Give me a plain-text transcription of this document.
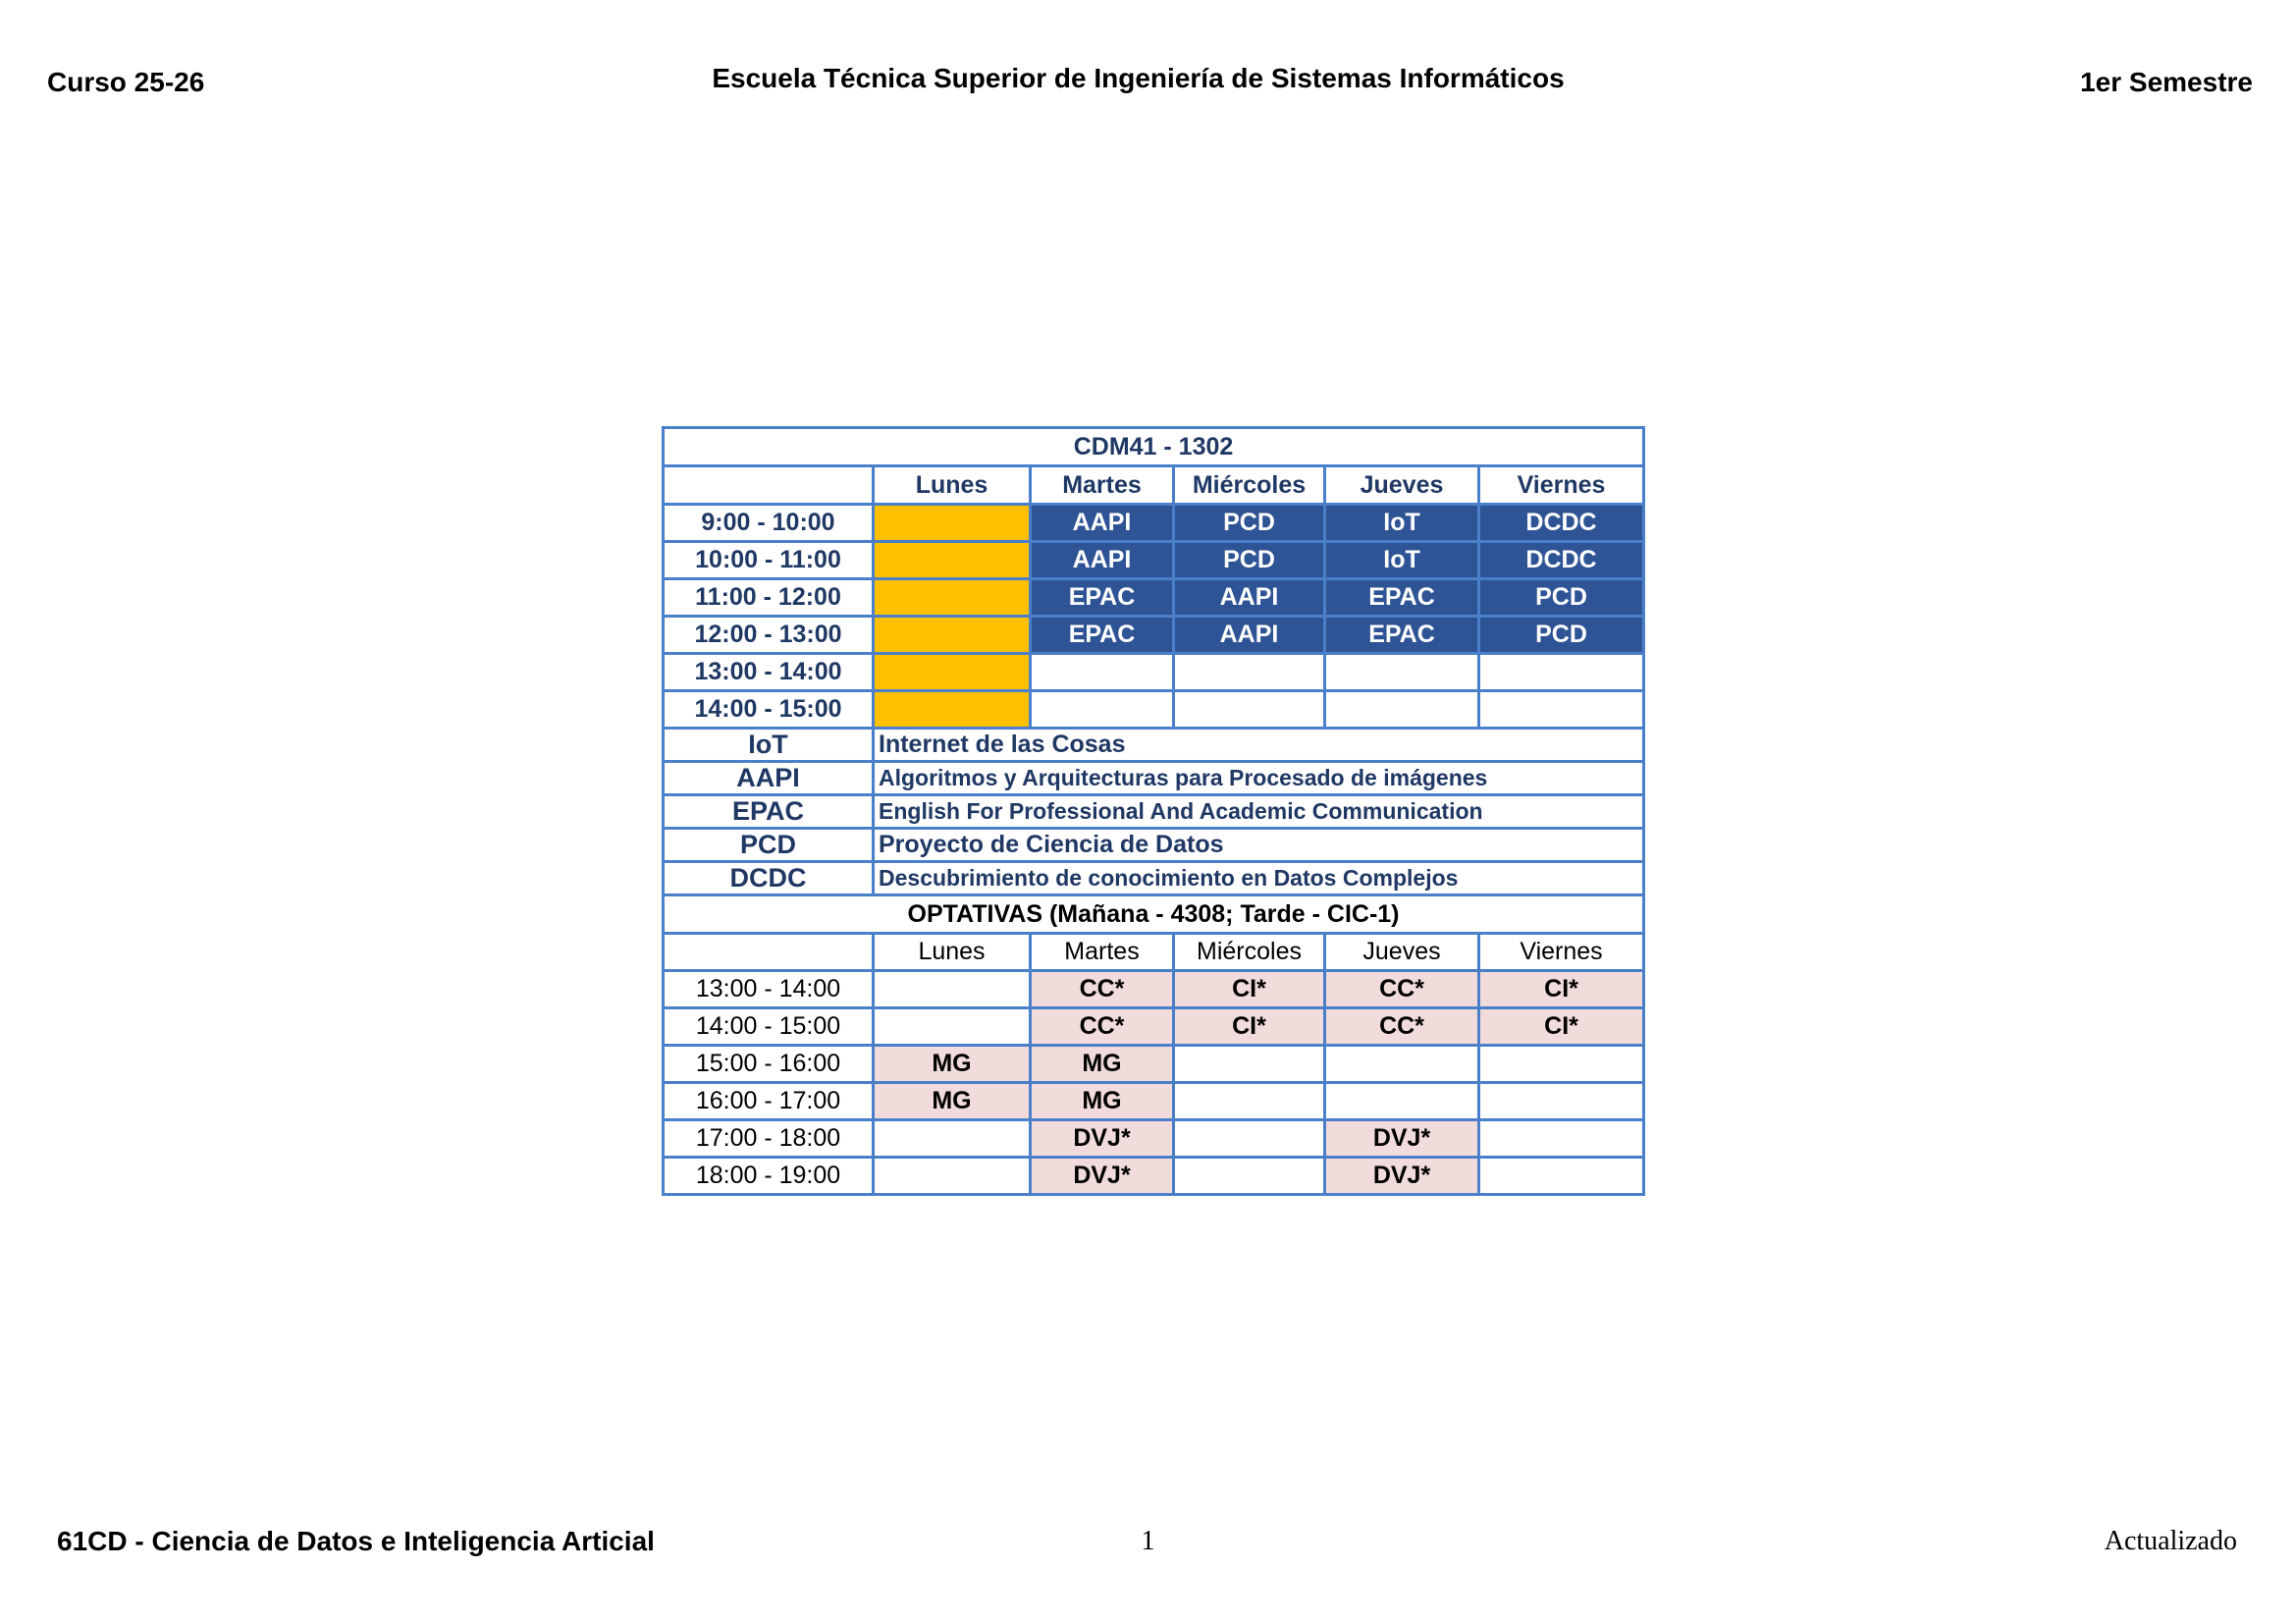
Curso 25-26	Escuela Técnica Superior de Ingeniería de Sistemas Informáticos	1er Semestre
CDM41 - 1302					
	Lunes	Martes	Miércoles	Jueves	Viernes
9:00 - 10:00		AAPI	PCD	IoT	DCDC
10:00 - 11:00		AAPI	PCD	IoT	DCDC
11:00 - 12:00		EPAC	AAPI	EPAC	PCD
12:00 - 13:00		EPAC	AAPI	EPAC	PCD
13:00 - 14:00					
14:00 - 15:00					
IoT	Internet de las Cosas				
AAPI	Algoritmos y Arquitecturas para Procesado de imágenes				
EPAC	English For Professional And Academic Communication				
PCD	Proyecto de Ciencia de Datos				
DCDC	Descubrimiento de conocimiento en Datos Complejos				
OPTATIVAS (Mañana - 4308; Tarde - CIC-1)					
	Lunes	Martes	Miércoles	Jueves	Viernes
13:00 - 14:00		CC*	CI*	CC*	CI*
14:00 - 15:00		CC*	CI*	CC*	CI*
15:00 - 16:00	MG	MG			
16:00 - 17:00	MG	MG			
17:00 - 18:00		DVJ*		DVJ*	
18:00 - 19:00		DVJ*		DVJ*	
61CD - Ciencia de Datos e Inteligencia Articial	1	Actualizado
